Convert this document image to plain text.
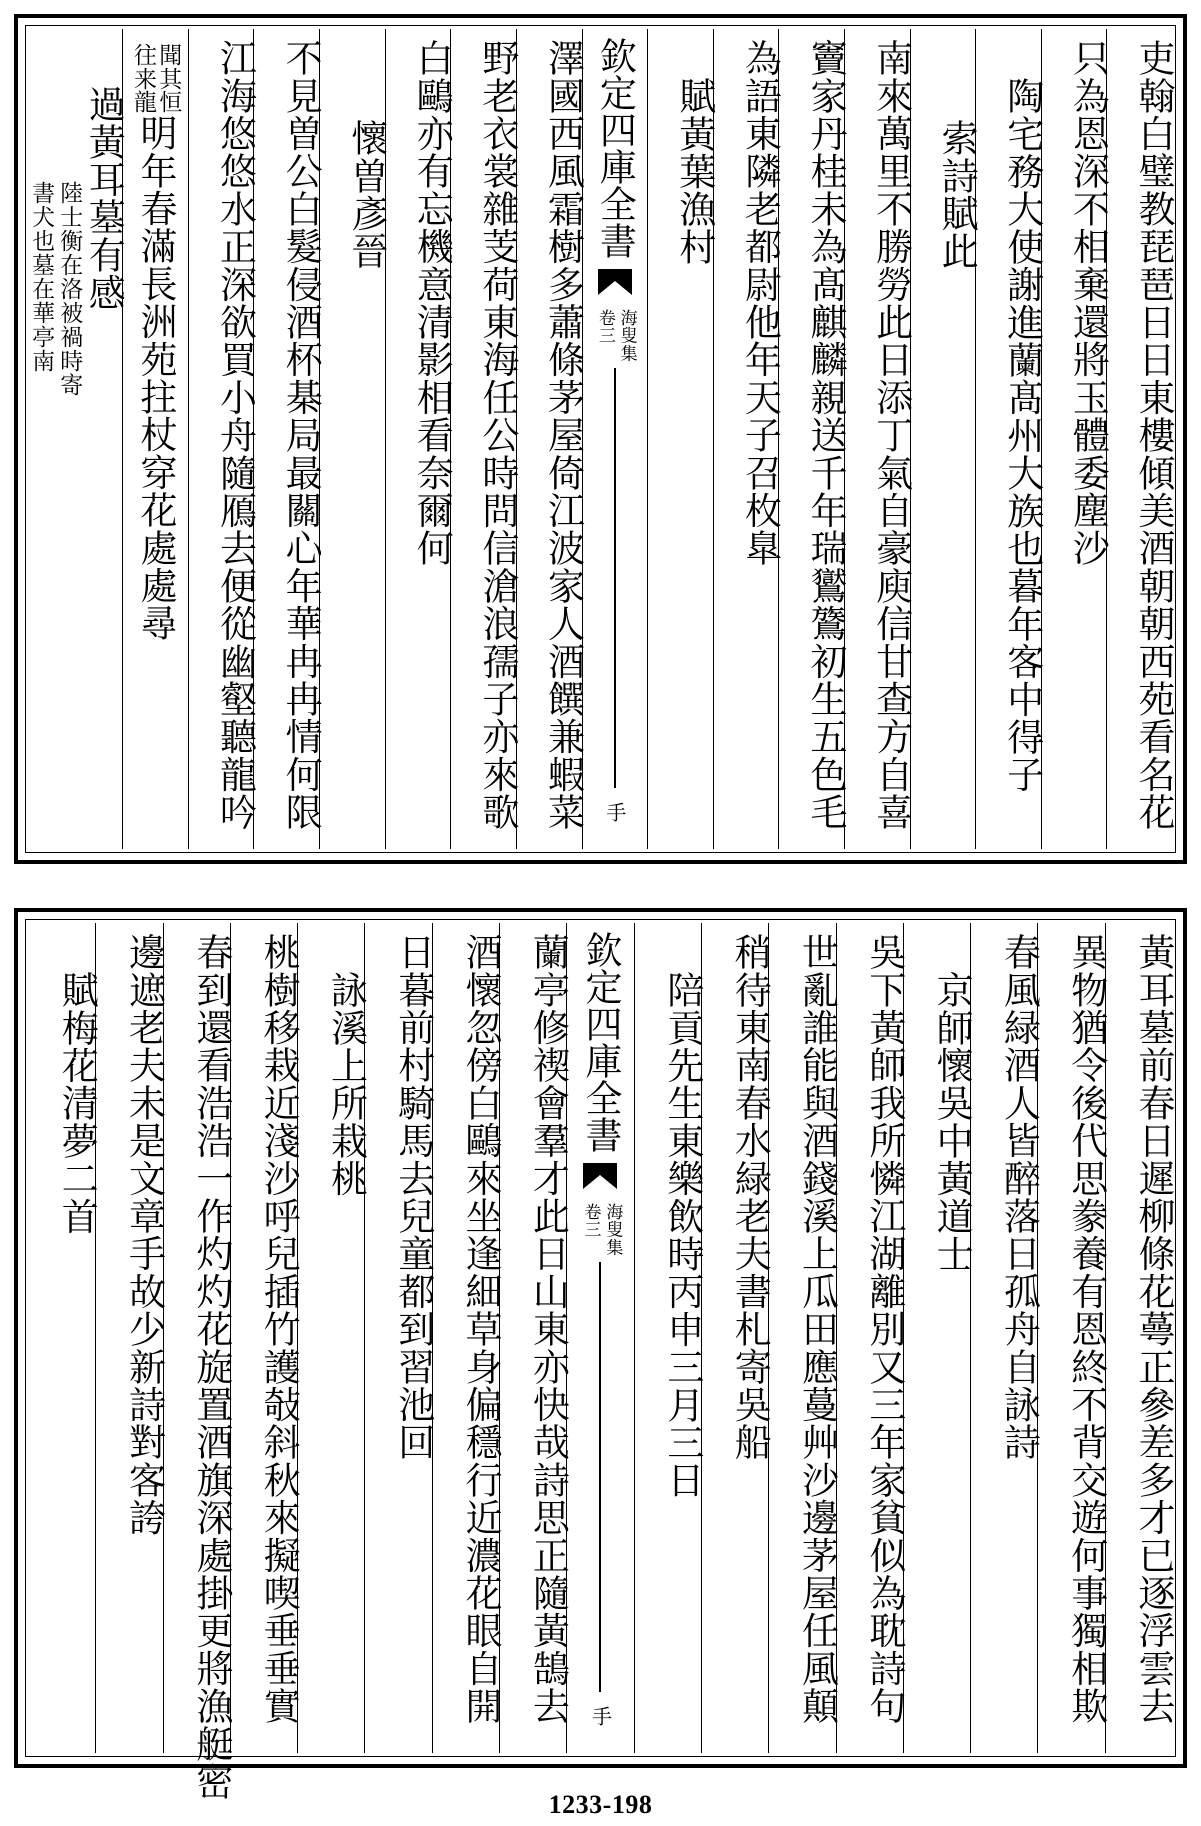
吏翰白璧教琵琶日日東樓傾美酒朝朝西苑看名花
只為恩深不相棄還將玉體委塵沙
陶宅務大使謝進蘭髙州大族也暮年客中得子
索詩賦此
南來萬里不勝勞此日添丁氣自豪庾信甘查方自喜
竇家丹桂未為髙麒麟親送千年瑞鸑鷟初生五色毛
為語東隣老都尉他年天子召枚臯
賦黃葉漁村
欽定四庫全書
海叟集
卷三
手
澤國西風霜樹多蕭條茅屋倚江波家人酒饌兼蝦菜
野老衣裳雜芰荷東海任公時問信滄浪孺子亦來歌
白鷗亦有忘機意清影相看奈爾何
懷曽彥晉
不見曽公白髮侵酒杯棊局最關心年華冉冉情何限
江海悠悠水正深欲買小舟隨鴈去便從幽壑聽龍吟
聞其
往来
恒
龍
明年春滿長洲苑拄杖穿花處處尋
陸士衡在洛被禍時寄
書犬也墓在華亭南 過黃耳墓有感
黃耳墓前春日遲柳條花蕚正參差多才已逐浮雲去
異物猶令後代思豢養有恩終不背交遊何事獨相欺
春風緑酒人皆醉落日孤舟自詠詩
京師懷吳中黃道士
吳下黃師我所憐江湖離別又三年家貧似為耽詩句
世亂誰能與酒錢溪上瓜田應蔓艸沙邊茅屋任風顛
稍待東南春水緑老夫書札寄吳船
陪貢先生東樂飲時丙申三月三日
欽定四庫全書
海叟集
卷三
手
蘭亭修禊會羣才此日山東亦快哉詩思正隨黃鵠去
酒懷忽傍白鷗來坐逢細草身偏穩行近濃花眼自開
日暮前村騎馬去兒童都到習池回
詠溪上所栽桃
桃樹移栽近淺沙呼兒插竹護敧斜秋來擬喫垂垂實
春到還看浩浩一作灼灼花旋置酒旗深處掛更將漁艇密
邊遮老夫未是文章手故少新詩對客誇
賦梅花清夢二首
1233-198
